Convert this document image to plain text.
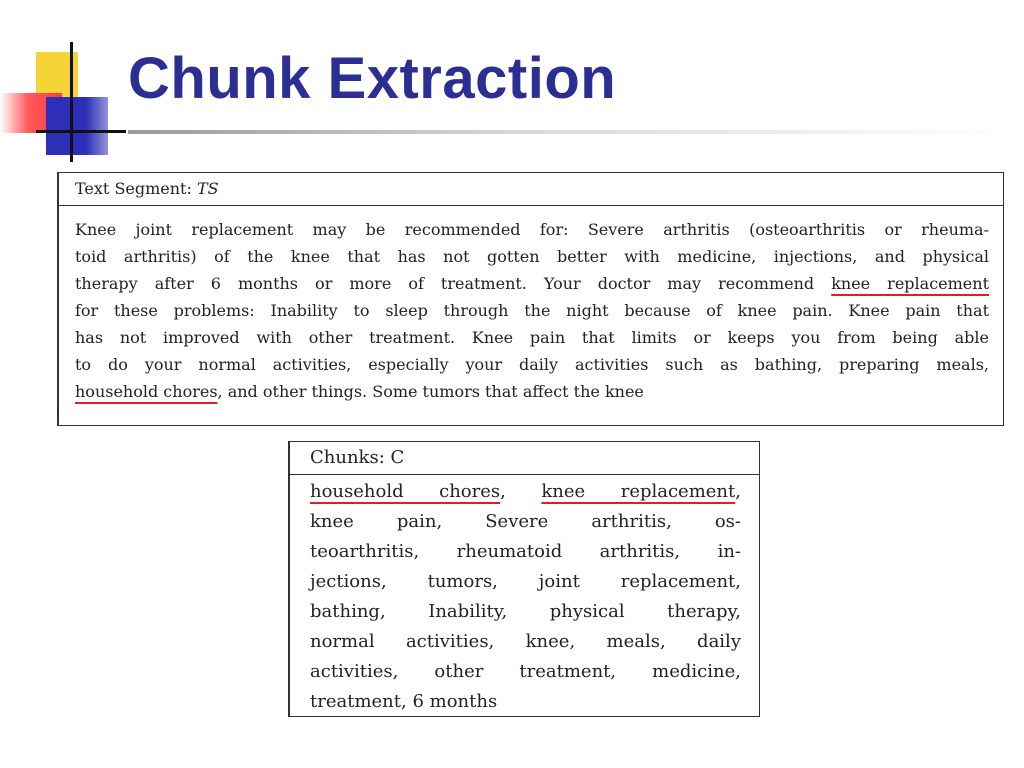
Chunk Extraction
Text Segment: TS
Knee joint replacement may be recommended for: Severe arthritis (osteoarthritis or rheuma-
toid arthritis) of the knee that has not gotten better with medicine, injections, and physical
therapy after 6 months or more of treatment. Your doctor may recommend knee replacement
for these problems: Inability to sleep through the night because of knee pain. Knee pain that
has not improved with other treatment. Knee pain that limits or keeps you from being able
to do your normal activities, especially your daily activities such as bathing, preparing meals,
household chores, and other things. Some tumors that affect the knee
Chunks: C
household chores, knee replacement,
knee pain, Severe arthritis, os-
teoarthritis, rheumatoid arthritis, in-
jections, tumors, joint replacement,
bathing, Inability, physical therapy,
normal activities, knee, meals, daily
activities, other treatment, medicine,
treatment, 6 months
